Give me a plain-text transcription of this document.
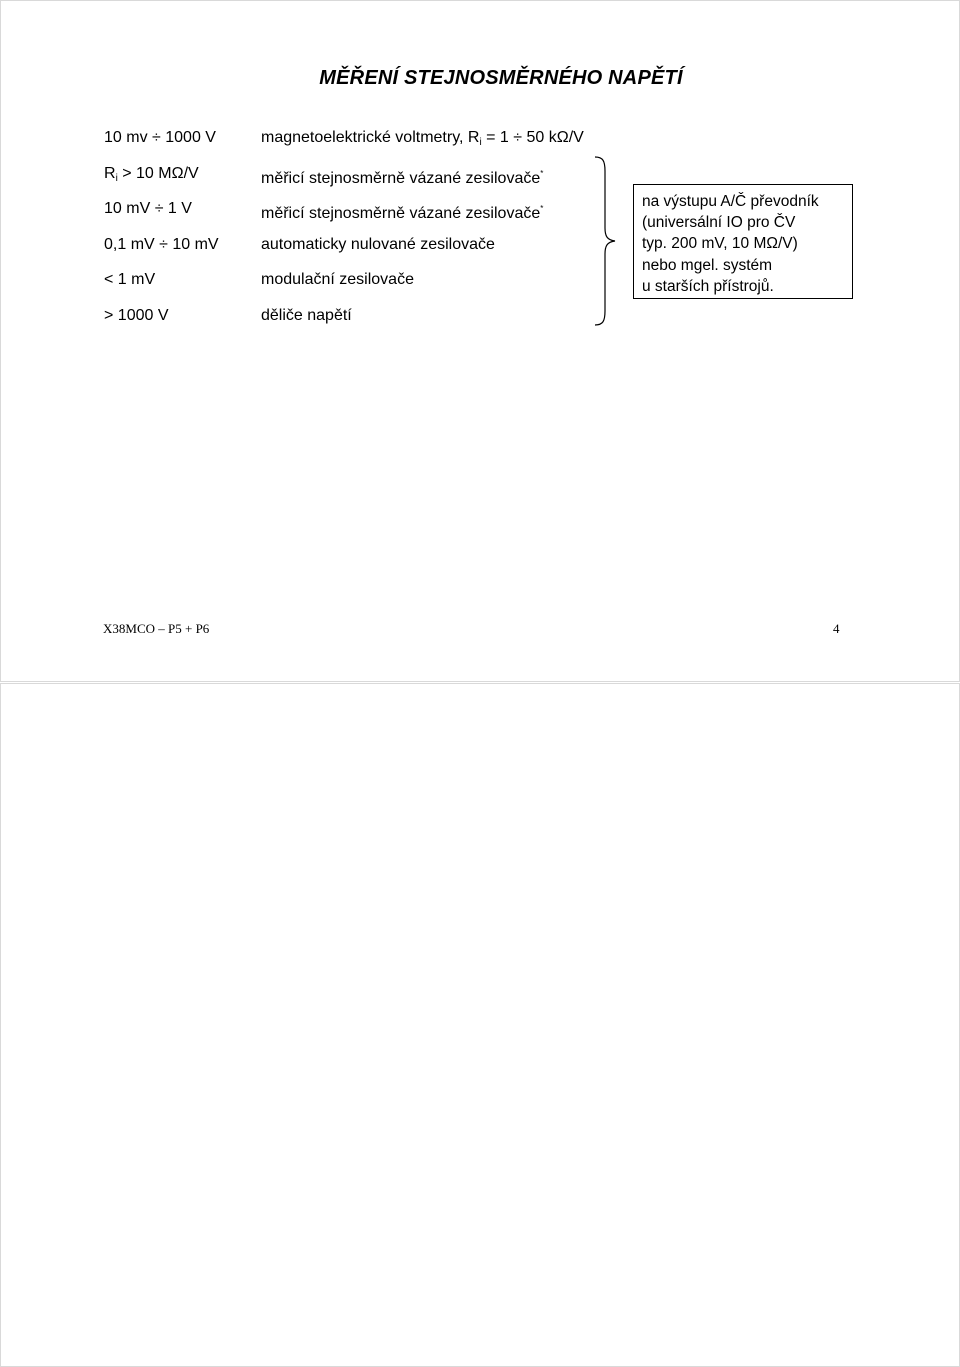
MĚŘENÍ STEJNOSMĚRNÉHO NAPĚTÍ
10 mv ÷ 1000 V	magnetoelektrické voltmetry, $R_i = 1 \div 50$ kΩ/V
$R_i > 10$ MΩ/V	měřicí stejnosměrně vázané zesilovače*
10 mV ÷ 1 V	měřicí stejnosměrně vázané zesilovače*
0,1 mV ÷ 10 mV	automaticky nulované zesilovače
< 1 mV	modulační zesilovače
> 1000 V	děliče napětí
na výstupu A/Č převodník
(universální IO pro ČV
typ. 200 mV, 10 MΩ/V)
nebo mgel. systém
u starších přístrojů.
X38MCO – P5 + P6	4
